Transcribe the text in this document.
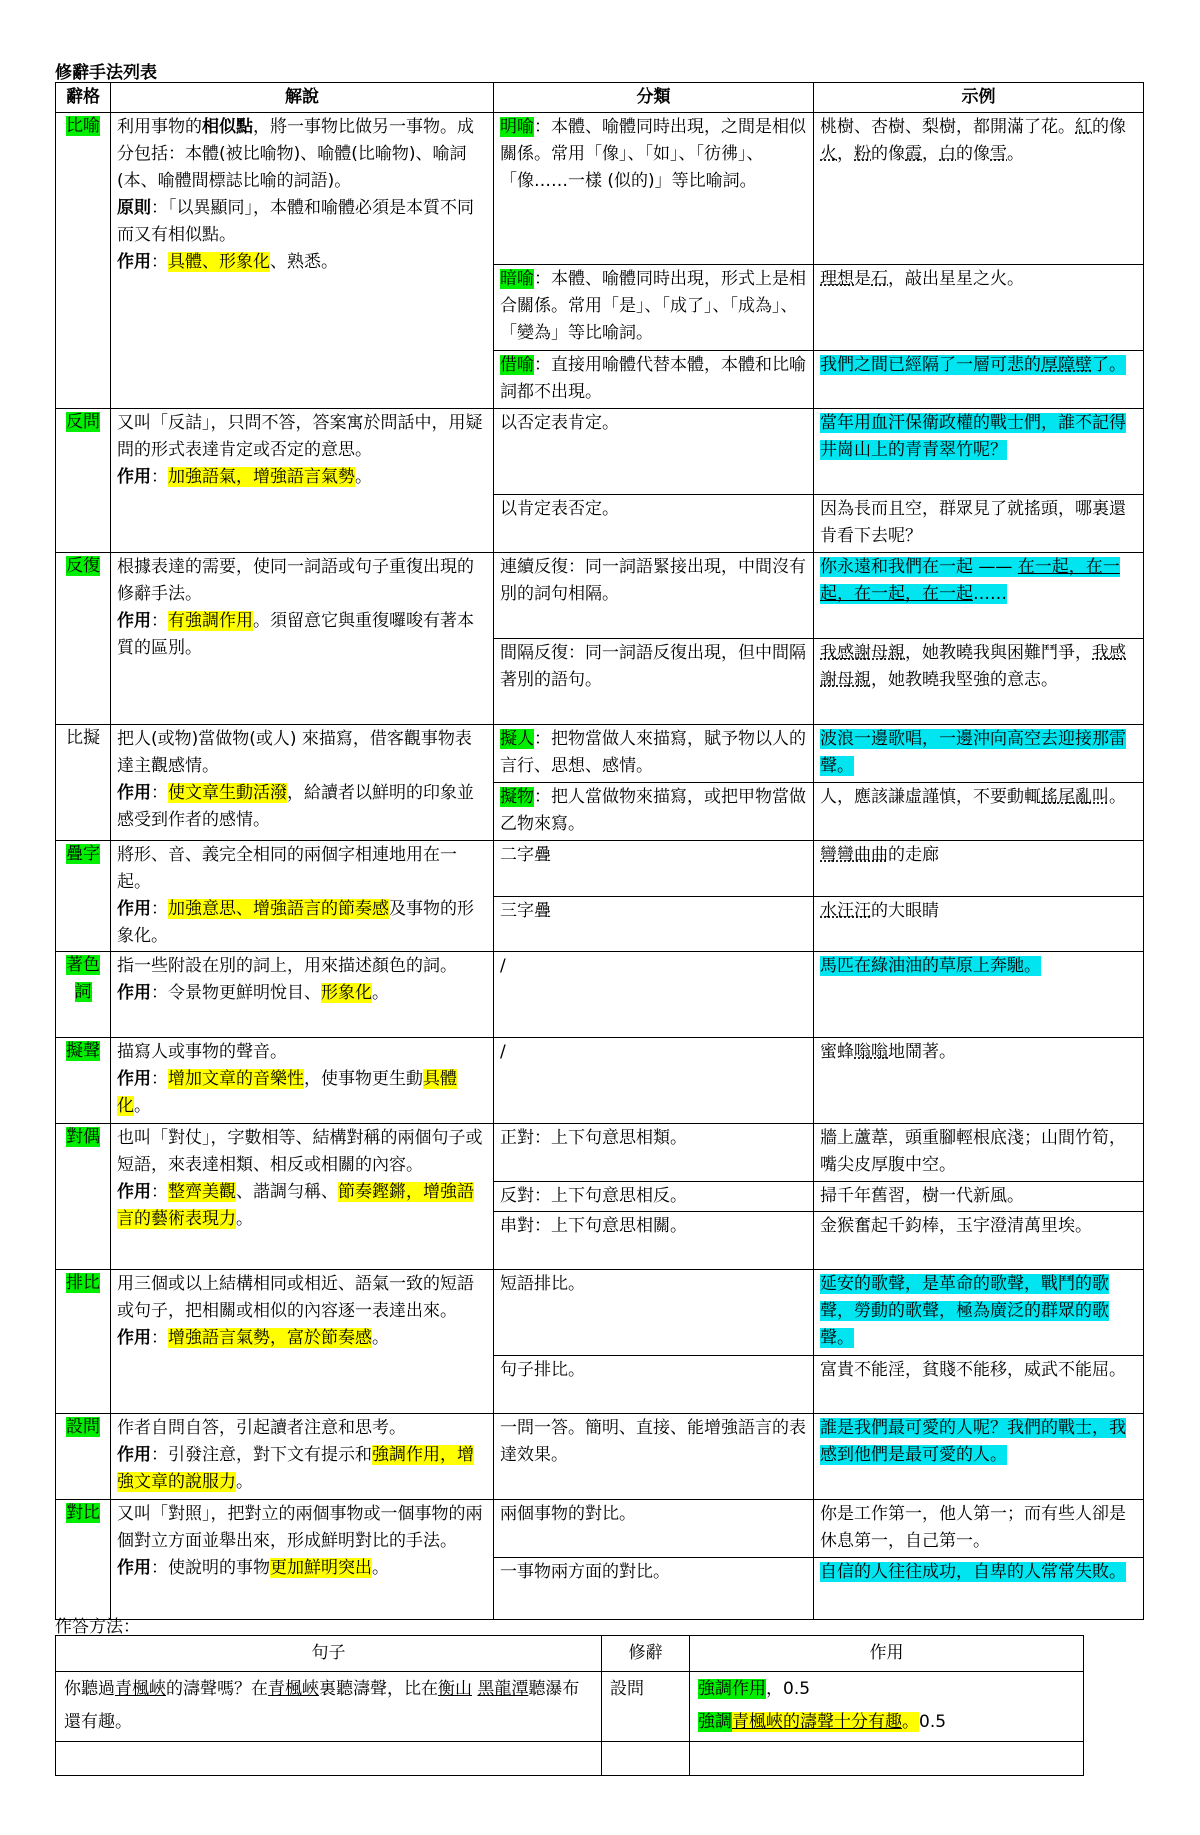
修辭手法列表
辭格	解說	分類	示例
比喻	利用事物的相似點，將一事物比做另一事物。成分包括：本體(被比喻物)、喻體(比喻物)、喻詞 (本、喻體間標誌比喻的詞語)。
原則：「以異顯同」，本體和喻體必須是本質不同而又有相似點。
作用：具體、形象化、熟悉。	明喻：本體、喻體同時出現，之間是相似關係。常用「像」、「如」、「彷彿」、「像……一樣 (似的)」等比喻詞。	桃樹、杏樹、梨樹，都開滿了花。紅的像火，粉的像霞，白的像雪。
		暗喻：本體、喻體同時出現，形式上是相合關係。常用「是」、「成了」、「成為」、「變為」等比喻詞。	理想是石，敲出星星之火。
		借喻：直接用喻體代替本體，本體和比喻詞都不出現。	我們之間已經隔了一層可悲的厚障壁了。
反問	又叫「反詰」，只問不答，答案寓於問話中，用疑問的形式表達肯定或否定的意思。
作用：加強語氣，增強語言氣勢。	以否定表肯定。	當年用血汗保衛政權的戰士們，誰不記得井崗山上的青青翠竹呢？
		以肯定表否定。	因為長而且空，群眾見了就搖頭，哪裏還肯看下去呢？
反復	根據表達的需要，使同一詞語或句子重復出現的修辭手法。
作用：有強調作用。須留意它與重復囉唆有著本質的區別。	連續反復：同一詞語緊接出現，中間沒有別的詞句相隔。	你永遠和我們在一起 —— 在一起，在一起，在一起，在一起……
		間隔反復：同一詞語反復出現，但中間隔著別的語句。	我感謝母親，她教曉我與困難鬥爭，我感謝母親，她教曉我堅強的意志。
比擬	把人(或物)當做物(或人) 來描寫，借客觀事物表達主觀感情。
作用：使文章生動活潑，給讀者以鮮明的印象並感受到作者的感情。	擬人：把物當做人來描寫，賦予物以人的言行、思想、感情。	波浪一邊歌唱，一邊沖向高空去迎接那雷聲。
		擬物：把人當做物來描寫，或把甲物當做乙物來寫。	人，應該謙虛謹慎，不要動輒搖尾亂叫。
疊字	將形、音、義完全相同的兩個字相連地用在一起。
作用：加強意思、增強語言的節奏感及事物的形象化。	二字疊	彎彎曲曲的走廊
		三字疊	水汪汪的大眼睛
著色詞	指一些附設在別的詞上，用來描述顏色的詞。
作用：令景物更鮮明悅目、形象化。	/	馬匹在綠油油的草原上奔馳。
擬聲	描寫人或事物的聲音。
作用：增加文章的音樂性，使事物更生動具體化。	/	蜜蜂嗡嗡地鬧著。
對偶	也叫「對仗」，字數相等、結構對稱的兩個句子或短語，來表達相類、相反或相關的內容。
作用：整齊美觀、諧調勻稱、節奏鏗鏘，增強語言的藝術表現力。	正對：上下句意思相類。	牆上蘆葦，頭重腳輕根底淺；山間竹筍，嘴尖皮厚腹中空。
		反對：上下句意思相反。	掃千年舊習，樹一代新風。
		串對：上下句意思相關。	金猴奮起千鈞棒，玉宇澄清萬里埃。
排比	用三個或以上結構相同或相近、語氣一致的短語或句子，把相關或相似的內容逐一表達出來。
作用：增強語言氣勢，富於節奏感。	短語排比。	延安的歌聲，是革命的歌聲，戰鬥的歌聲，勞動的歌聲，極為廣泛的群眾的歌聲。
		句子排比。	富貴不能淫，貧賤不能移，威武不能屈。
設問	作者自問自答，引起讀者注意和思考。
作用：引發注意，對下文有提示和強調作用，增強文章的說服力。	一問一答。簡明、直接、能增強語言的表達效果。	誰是我們最可愛的人呢？我們的戰士，我感到他們是最可愛的人。
對比	又叫「對照」，把對立的兩個事物或一個事物的兩個對立方面並舉出來，形成鮮明對比的手法。
作用：使說明的事物更加鮮明突出。	兩個事物的對比。	你是工作第一，他人第一；而有些人卻是休息第一，自己第一。
		一事物兩方面的對比。	自信的人往往成功，自卑的人常常失敗。
作答方法：
句子	修辭	作用
你聽過青楓峽的濤聲嗎？在青楓峽裏聽濤聲，比在衡山 黑龍潭聽瀑布還有趣。	設問	強調作用，0.5
強調青楓峽的濤聲十分有趣。0.5
